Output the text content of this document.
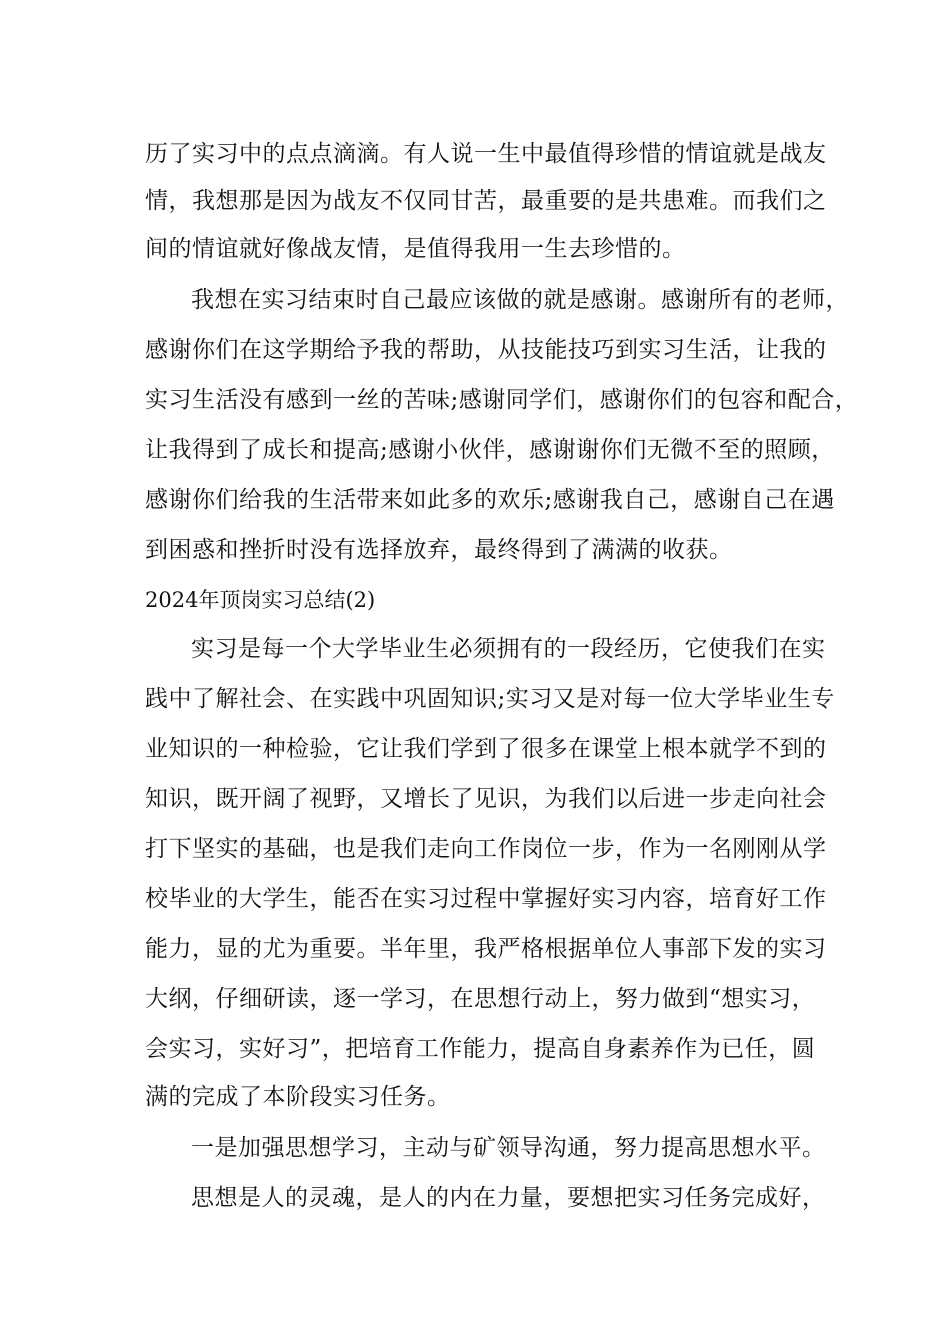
历了实习中的点点滴滴。有人说一生中最值得珍惜的情谊就是战友
情，我想那是因为战友不仅同甘苦，最重要的是共患难。而我们之
间的情谊就好像战友情，是值得我用一生去珍惜的。
我想在实习结束时自己最应该做的就是感谢。感谢所有的老师，
感谢你们在这学期给予我的帮助，从技能技巧到实习生活，让我的
实习生活没有感到一丝的苦味;感谢同学们，感谢你们的包容和配合，
让我得到了成长和提高;感谢小伙伴，感谢谢你们无微不至的照顾，
感谢你们给我的生活带来如此多的欢乐;感谢我自己，感谢自己在遇
到困惑和挫折时没有选择放弃，最终得到了满满的收获。
2024年顶岗实习总结(2)
实习是每一个大学毕业生必须拥有的一段经历，它使我们在实
践中了解社会、在实践中巩固知识;实习又是对每一位大学毕业生专
业知识的一种检验，它让我们学到了很多在课堂上根本就学不到的
知识，既开阔了视野，又增长了见识，为我们以后进一步走向社会
打下坚实的基础，也是我们走向工作岗位一步，作为一名刚刚从学
校毕业的大学生，能否在实习过程中掌握好实习内容，培育好工作
能力，显的尤为重要。半年里，我严格根据单位人事部下发的实习
大纲，仔细研读，逐一学习，在思想行动上，努力做到“想实习，
会实习，实好习”，把培育工作能力，提高自身素养作为已任，圆
满的完成了本阶段实习任务。
一是加强思想学习，主动与矿领导沟通，努力提高思想水平。
思想是人的灵魂，是人的内在力量，要想把实习任务完成好，
